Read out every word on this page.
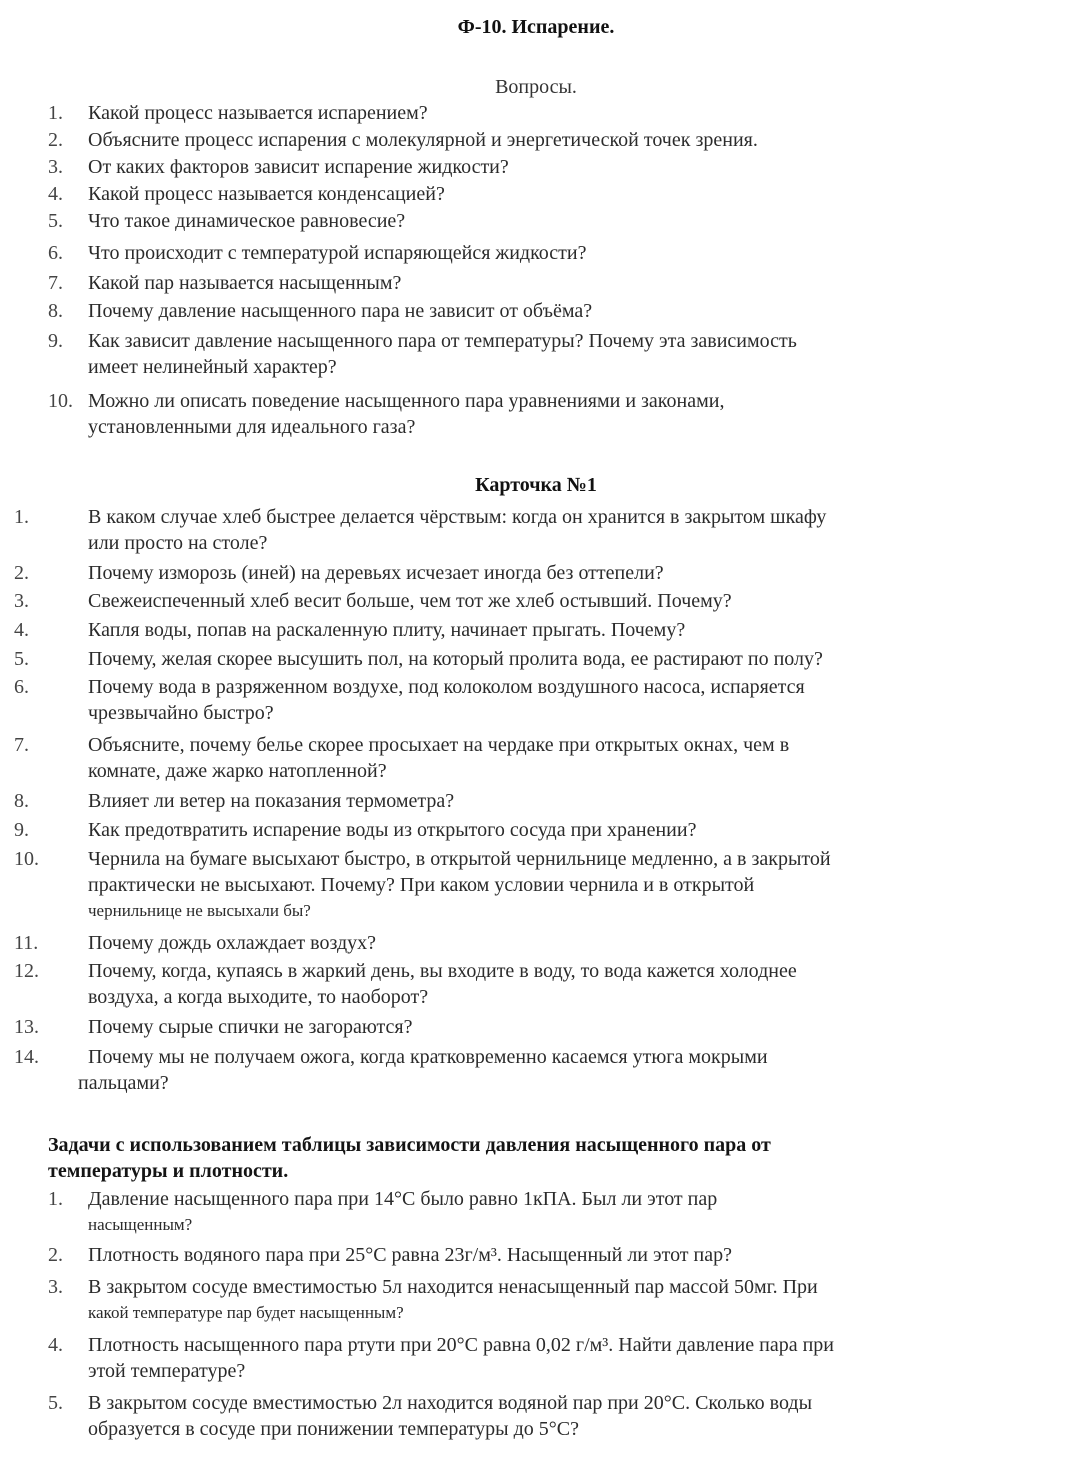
Ф-10. Испарение.
Вопросы.
1.	Какой процесс называется испарением?
2.	Объясните процесс испарения с молекулярной и энергетической точек зрения.
3.	От каких факторов зависит испарение жидкости?
4.	Какой процесс называется конденсацией?
5.	Что такое динамическое равновесие?
6.	Что происходит с температурой испаряющейся жидкости?
7.	Какой пар называется насыщенным?
8.	Почему давление насыщенного пара не зависит от объёма?
9.	Как зависит давление насыщенного пара от температуры? Почему эта зависимость
имеет нелинейный характер?
10. Можно ли описать поведение насыщенного пара уравнениями и законами,
установленными для идеального газа?
Карточка №1
1.	В каком случае хлеб быстрее делается чёрствым: когда он хранится в закрытом шкафу
или просто на столе?
2.	Почему изморозь (иней) на деревьях исчезает иногда без оттепели?
3.	Свежеиспеченный хлеб весит больше, чем тот же хлеб остывший. Почему?
4.	Капля воды, попав на раскаленную плиту, начинает прыгать. Почему?
5.	Почему, желая скорее высушить пол, на который пролита вода, ее растирают по полу?
6.	Почему вода в разряженном воздухе, под колоколом воздушного насоса, испаряется
чрезвычайно быстро?
7.	Объясните, почему белье скорее просыхает на чердаке при открытых окнах, чем в
комнате, даже жарко натопленной?
8.	Влияет ли ветер на показания термометра?
9.	Как предотвратить испарение воды из открытого сосуда при хранении?
10.	Чернила на бумаге высыхают быстро, в открытой чернильнице медленно, а в закрытой
практически не высыхают. Почему? При каком условии чернила и в открытой
чернильнице не высыхали бы?
11.	Почему дождь охлаждает воздух?
12.	Почему, когда, купаясь в жаркий день, вы входите в воду, то вода кажется холоднее
воздуха, а когда выходите, то наоборот?
13.	Почему сырые спички не загораются?
14.	Почему мы не получаем ожога, когда кратковременно касаемся утюга мокрыми
пальцами?
Задачи с использованием таблицы зависимости давления насыщенного пара от
температуры и плотности.
1.	Давление насыщенного пара при 14°С было равно 1кПА. Был ли этот пар
насыщенным?
2.	Плотность водяного пара при 25°С равна 23г/м³. Насыщенный ли этот пар?
3.	В закрытом сосуде вместимостью 5л находится ненасыщенный пар массой 50мг. При
какой температуре пар будет насыщенным?
4.	Плотность насыщенного пара ртути при 20°С равна 0,02 г/м³. Найти давление пара при
этой температуре?
5.	В закрытом сосуде вместимостью 2л находится водяной пар при 20°С. Сколько воды
образуется в сосуде при понижении температуры до 5°С?
